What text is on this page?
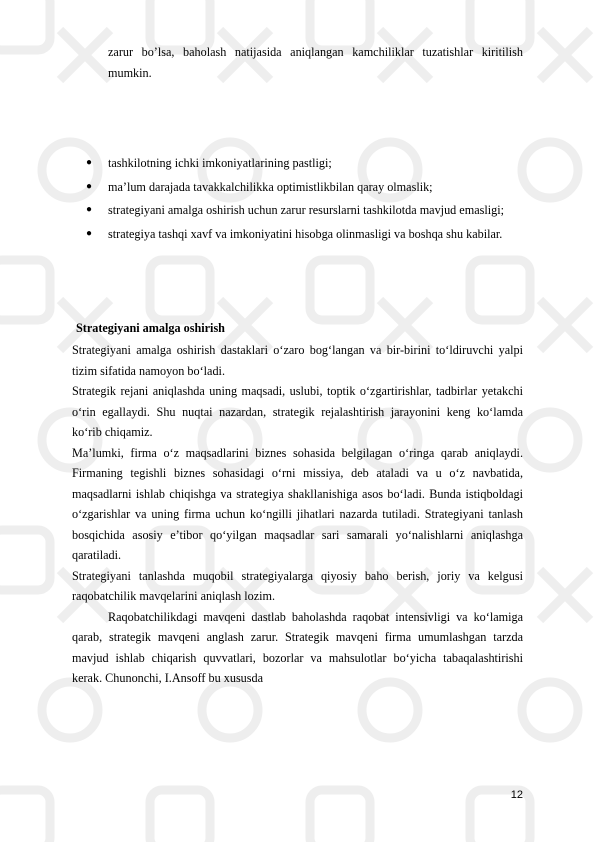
zarur bo’lsa, baholash natijasida aniqlangan kamchiliklar tuzatishlar kiritilish mumkin.

● tashkilotning ichki imkoniyatlarining pastligi;
● ma’lum darajada tavakkalchilikka optimistlikbilan qaray olmaslik;
● strategiyani amalga oshirish uchun zarur resurslarni tashkilotda mavjud emasligi;
● strategiya tashqi xavf va imkoniyatini hisobga olinmasligi va boshqa shu kabilar.
Strategiyani amalga oshirish

Strategiyani amalga oshirish dastaklari o‘zaro bog‘langan va bir-birini to‘ldiruvchi yalpi tizim sifatida namoyon bo‘ladi.

Strategik rejani aniqlashda uning maqsadi, uslubi, toptik o‘zgartirishlar, tadbirlar yetakchi o‘rin egallaydi. Shu nuqtai nazardan, strategik rejalashtirish jarayonini keng ko‘lamda ko‘rib chiqamiz.

Ma’lumki, firma o‘z maqsadlarini biznes sohasida belgilagan o‘ringa qarab aniqlaydi. Firmaning tegishli biznes sohasidagi o‘rni missiya, deb ataladi va u o‘z navbatida, maqsadlarni ishlab chiqishga va strategiya shakllanishiga asos bo‘ladi. Bunda istiqboldagi o‘zgarishlar va uning firma uchun ko‘ngilli jihatlari nazarda tutiladi. Strategiyani tanlash bosqichida asosiy e’tibor qo‘yilgan maqsadlar sari samarali yo‘nalishlarni aniqlashga qaratiladi.

Strategiyani tanlashda muqobil strategiyalarga qiyosiy baho berish, joriy va kelgusi raqobatchilik mavqelarini aniqlash lozim.

Raqobatchilikdagi mavqeni dastlab baholashda raqobat intensivligi va ko‘lamiga qarab, strategik mavqeni anglash zarur. Strategik mavqeni firma umumlashgan tarzda mavjud ishlab chiqarish quvvatlari, bozorlar va mahsulotlar bo‘yicha tabaqalashtirishi kerak. Chunonchi, I.Ansoff bu xususda

12
